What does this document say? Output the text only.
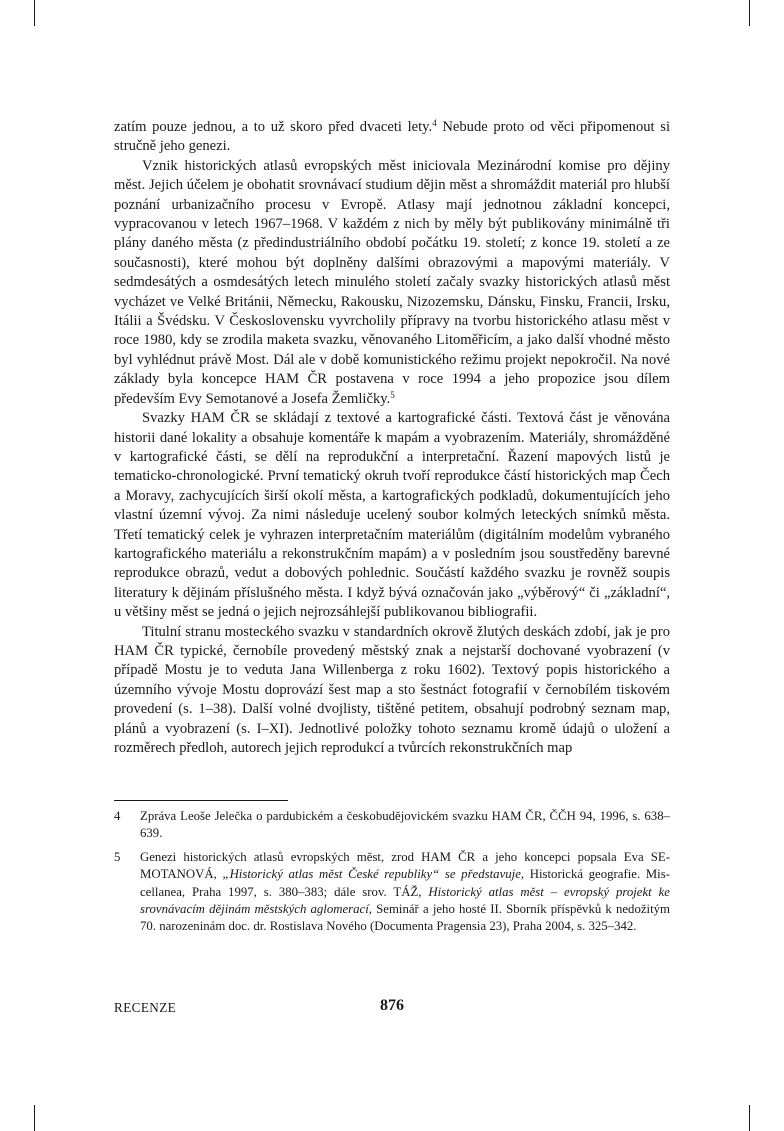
zatím pouze jednou, a to už skoro před dvaceti lety.$^4$ Nebude proto od věci připomenout si stručně jeho genezi.

Vznik historických atlasů evropských měst iniciovala Mezinárodní komise pro dějiny měst. Jejich účelem je obohatit srovnávací studium dějin měst a shromáždit materiál pro hlubší poznání urbanizačního procesu v Evropě. Atlasy mají jednotnou základní koncepci, vypracovanou v letech 1967–1968. V každém z nich by měly být publikovány minimálně tři plány daného města (z předindustriálního období počátku 19. století; z konce 19. století a ze současnosti), které mohou být doplněny dalšími obrazovými a mapovými materiály. V sedmdesátých a osmdesátých letech minulého století začaly svazky historických atlasů měst vycházet ve Velké Británii, Německu, Rakousku, Nizozemsku, Dánsku, Finsku, Francii, Irsku, Itálii a Švédsku. V Československu vyvrcholily přípravy na tvorbu historického atlasu měst v roce 1980, kdy se zrodila maketa svazku, věnovaného Litoměřicím, a jako další vhodné město byl vyhlédnut právě Most. Dál ale v době komunistického režimu projekt nepokročil. Na nové základy byla koncepce HAM ČR postavena v roce 1994 a jeho propozice jsou dílem především Evy Semotanové a Josefa Žemličky.$^5$

Svazky HAM ČR se skládají z textové a kartografické části. Textová část je věnována historii dané lokality a obsahuje komentáře k mapám a vyobrazením. Materiály, shromážděné v kartografické části, se dělí na reprodukční a interpretační. Řazení mapových listů je tematicko-chronologické. První tematický okruh tvoří reprodukce částí historických map Čech a Moravy, zachycujících širší okolí města, a kartografických podkladů, dokumentujících jeho vlastní územní vývoj. Za nimi následuje ucelený soubor kolmých leteckých snímků města. Třetí tematický celek je vyhrazen interpretačním materiálům (digitálním modelům vybraného kartografického materiálu a rekonstrukčním mapám) a v posledním jsou soustředěny barevné reprodukce obrazů, vedut a dobových pohlednic. Součástí každého svazku je rovněž soupis literatury k dějinám příslušného města. I když bývá označován jako „výběrový“ či „základní“, u většiny měst se jedná o jejich nejrozsáhlejší publikovanou bibliografii.

Titulní stranu mosteckého svazku v standardních okrově žlutých deskách zdobí, jak je pro HAM ČR typické, černobíle provedený městský znak a nejstarší dochované vyobrazení (v případě Mostu je to veduta Jana Willenberga z roku 1602). Textový popis historického a územního vývoje Mostu doprovází šest map a sto šestnáct fotografií v černobílém tiskovém provedení (s. 1–38). Další volné dvojlisty, tištěné petitem, obsahují podrobný seznam map, plánů a vyobrazení (s. I–XI). Jednotlivé položky tohoto seznamu kromě údajů o uložení a rozměrech předloh, autorech jejich reprodukcí a tvůrcích rekonstrukčních map

4	Zpráva Leoše Jelečka o pardubickém a českobudějovickém svazku HAM ČR, ČČH 94, 1996, s. 638–639.
5	Genezi historických atlasů evropských měst, zrod HAM ČR a jeho koncepci popsala Eva SEMOTANOVÁ, „Historický atlas měst České republiky“ se představuje, Historická geografie. Miscellanea, Praha 1997, s. 380–383; dále srov. TÁŽ, Historický atlas měst – evropský projekt ke srovnávacím dějinám městských aglomerací, Seminář a jeho hosté II. Sborník příspěvků k nedožitým 70. narozeninám doc. dr. Rostislava Nového (Documenta Pragensia 23), Praha 2004, s. 325–342.
RECENZE	876
